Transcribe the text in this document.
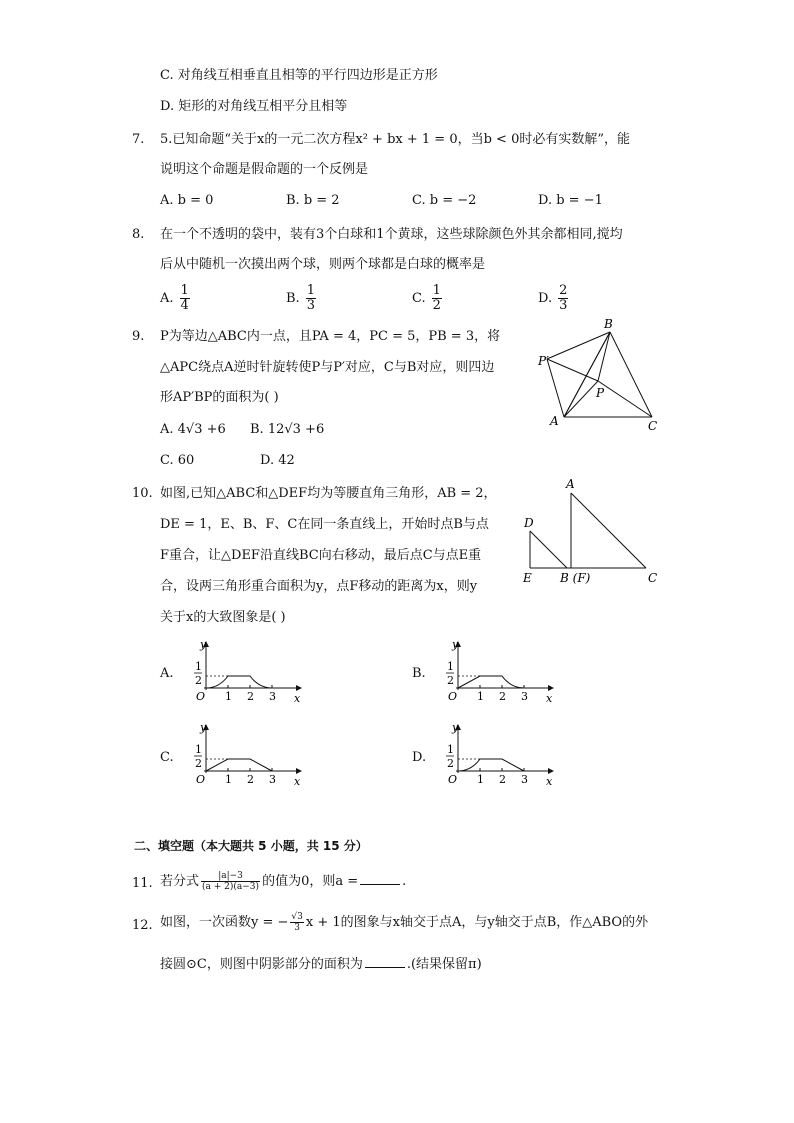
C. 对角线互相垂直且相等的平行四边形是正方形
D. 矩形的对角线互相平分且相等
7. 5.已知命题“关于x的一元二次方程x² + bx + 1 = 0，当b < 0时必有实数解”，能
说明这个命题是假命题的一个反例是
A. b = 0	B. b = 2	C. b = −2	D. b = −1
8. 在一个不透明的袋中，装有3个白球和1个黄球，这些球除颜色外其余都相同,搅均
后从中随机一次摸出两个球，则两个球都是白球的概率是
A. $\frac{1}{4}$	B. $\frac{1}{3}$	C. $\frac{1}{2}$	D. $\frac{2}{3}$
9. P为等边△ABC内一点，且PA = 4，PC = 5，PB = 3，将
△APC绕点A逆时针旋转使P与P′对应，C与B对应，则四边
形AP′BP的面积为( )
A. 4√3 +6 B. 12√3 +6
C. 60	D. 42
B
P′
P
A	C
10. 如图,已知△ABC和△DEF均为等腰直角三角形，AB = 2，
DE = 1，E、B、F、C在同一条直线上，开始时点B与点
F重合，让△DEF沿直线BC向右移动，最后点C与点E重
合，设两三角形重合面积为y，点F移动的距离为x，则y
关于x的大致图象是( )
A
D
E B (F)	C
A.	B.
C.	D.
y
x
O 1 2 3
1
2
y
x
O 1 2 3
1
2
y
x
O 1 2 3
1
2
y
x
O 1 2 3
1
2
二、填空题（本大题共 5 小题，共 15 分）
11. 若分式 $\frac{|a|-3}{(a + 2)(a-3)}$ 的值为0，则a =	.
12. 如图，一次函数y = − $\frac{√3}{3}$ x + 1的图象与x轴交于点A，与y轴交于点B，作△ABO的外
接圆⊙C，则图中阴影部分的面积为	.(结果保留π)
